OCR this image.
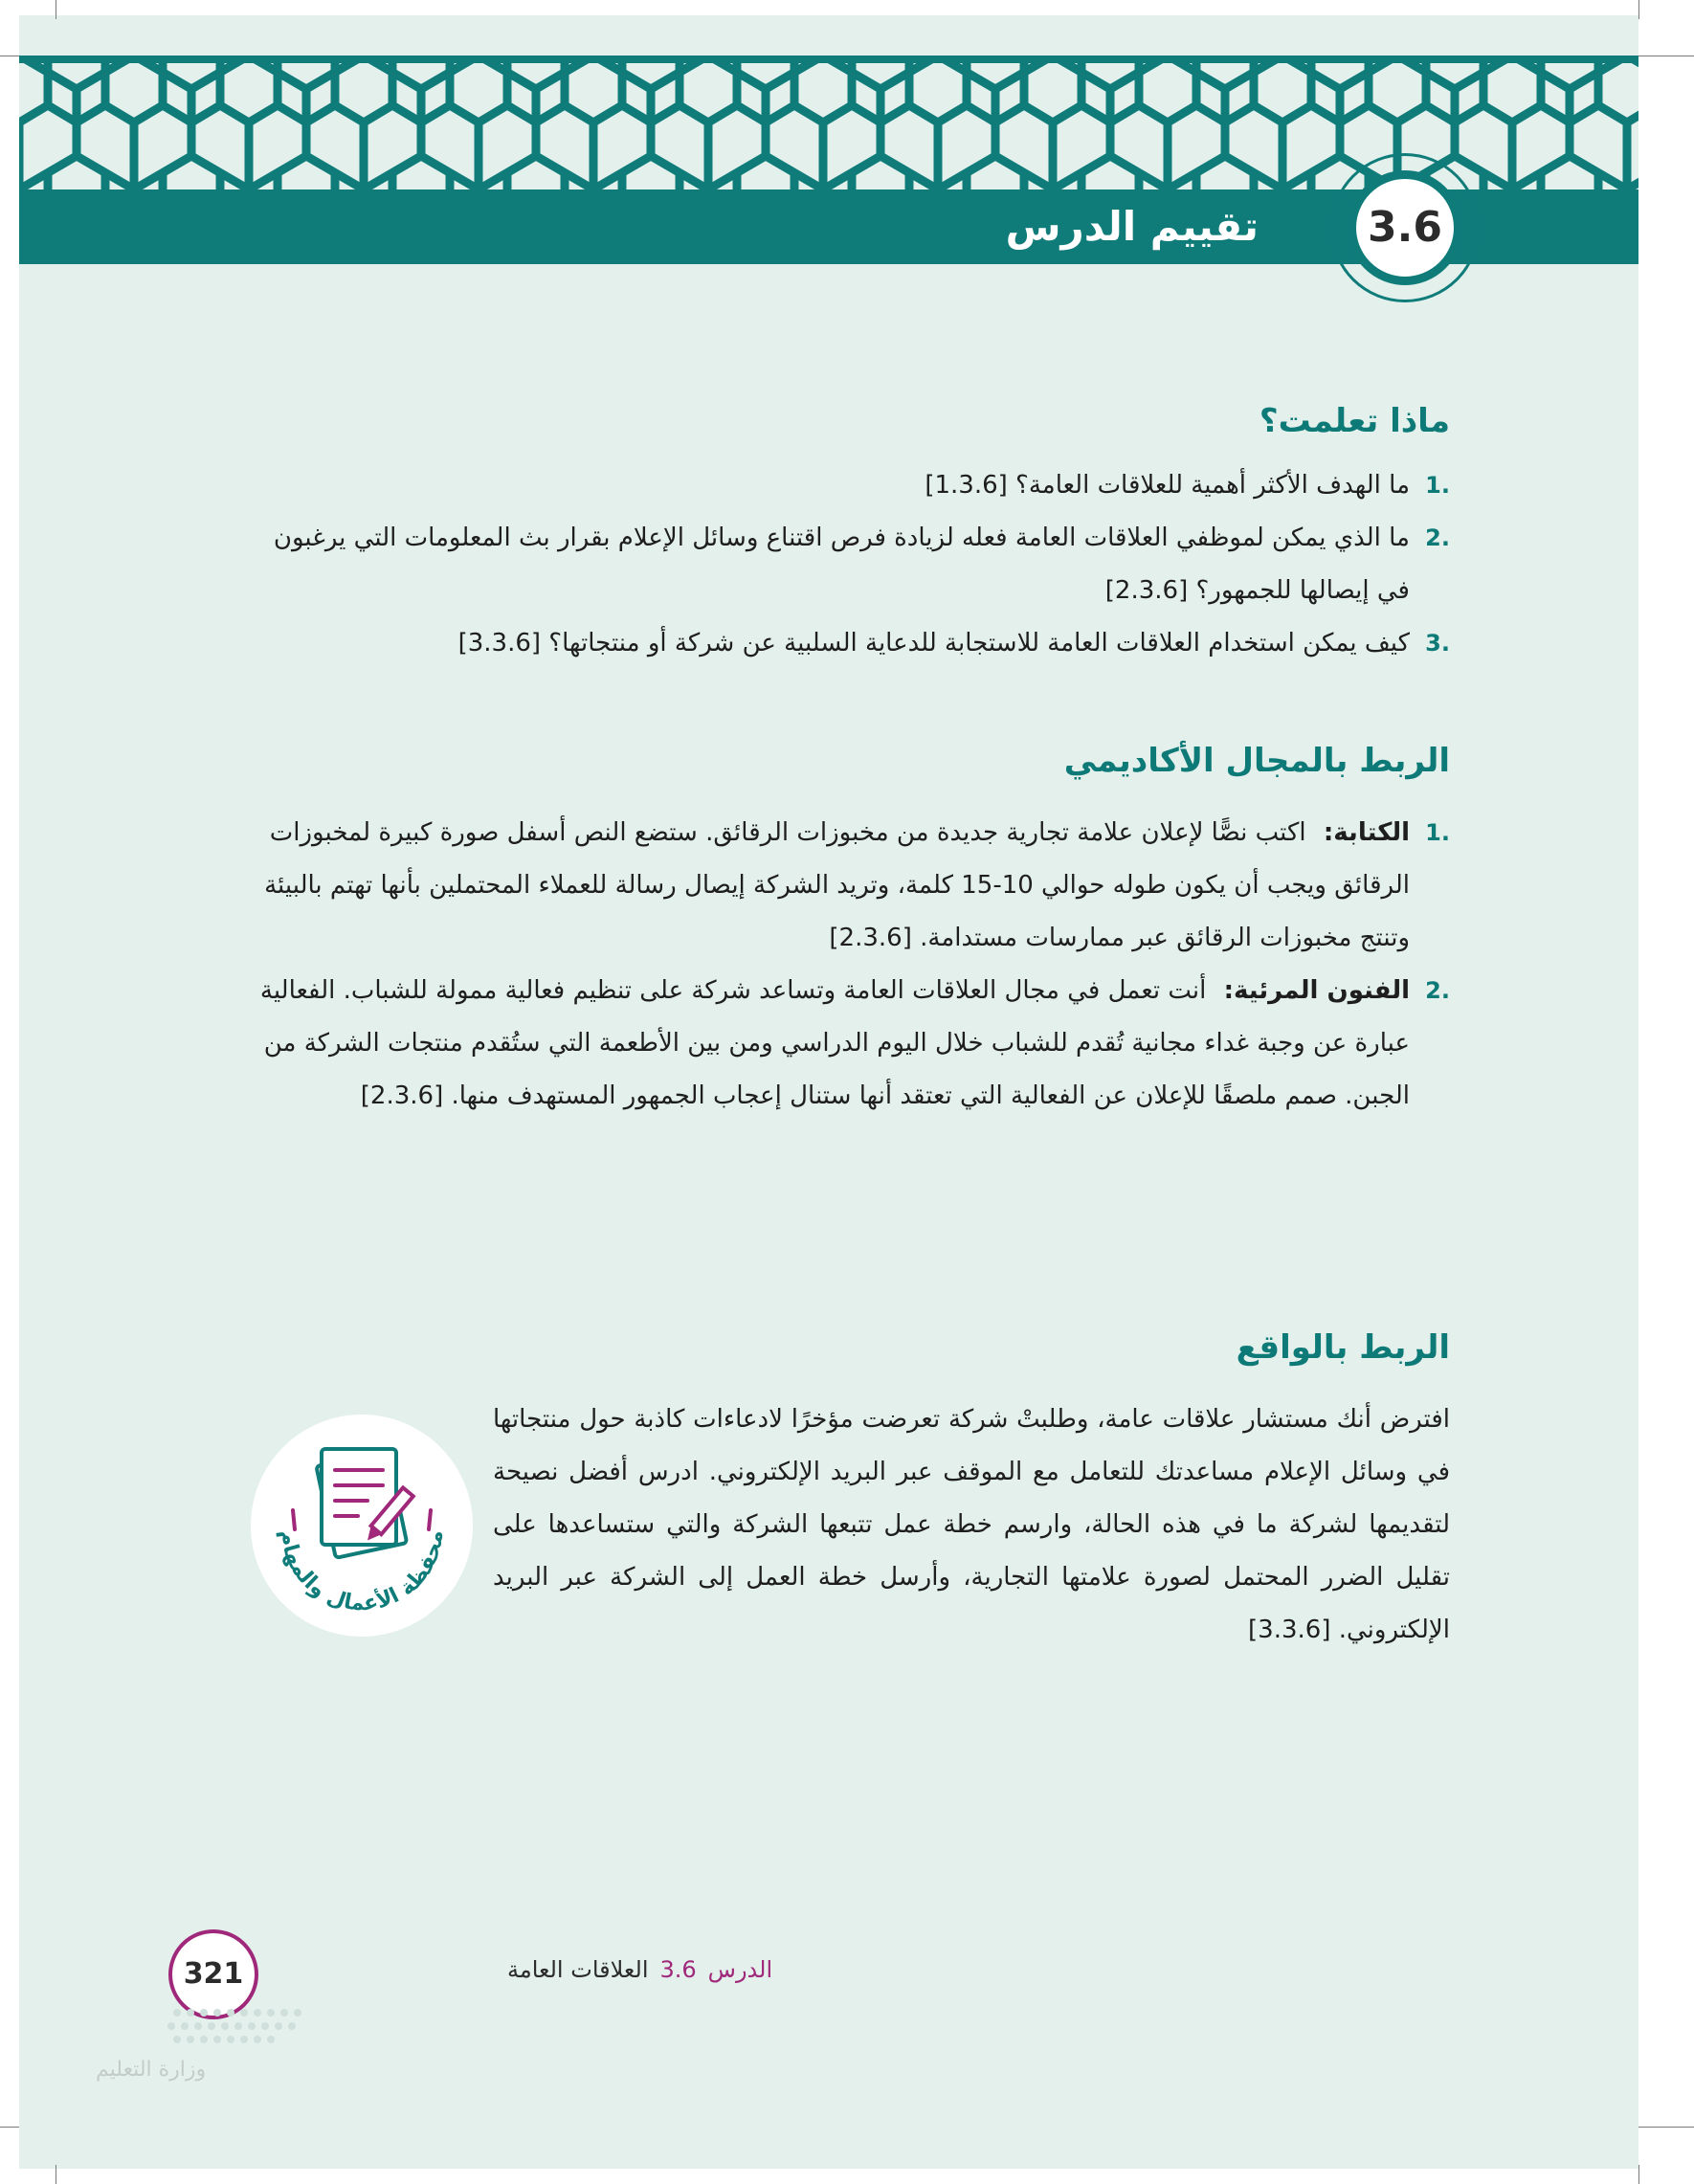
3.6
تقييم الدرس
ماذا تعلمت؟
.1
ما الهدف الأكثر أهمية للعلاقات العامة؟ [1.3.6]
.2
ما الذي يمكن لموظفي العلاقات العامة فعله لزيادة فرص اقتناع وسائل الإعلام بقرار بث المعلومات التي يرغبون في إيصالها للجمهور؟ [2.3.6]
.3
كيف يمكن استخدام العلاقات العامة للاستجابة للدعاية السلبية عن شركة أو منتجاتها؟ [3.3.6]
الربط بالمجال الأكاديمي
.1
الكتابة: اكتب نصًّا لإعلان علامة تجارية جديدة من مخبوزات الرقائق. ستضع النص أسفل صورة كبيرة لمخبوزات الرقائق ويجب أن يكون طوله حوالي 10-15 كلمة، وتريد الشركة إيصال رسالة للعملاء المحتملين بأنها تهتم بالبيئة وتنتج مخبوزات الرقائق عبر ممارسات مستدامة. [2.3.6]
.2
الفنون المرئية: أنت تعمل في مجال العلاقات العامة وتساعد شركة على تنظيم فعالية ممولة للشباب. الفعالية عبارة عن وجبة غداء مجانية تُقدم للشباب خلال اليوم الدراسي ومن بين الأطعمة التي ستُقدم منتجات الشركة من الجبن. صمم ملصقًا للإعلان عن الفعالية التي تعتقد أنها ستنال إعجاب الجمهور المستهدف منها. [2.3.6]
الربط بالواقع

افترض أنك مستشار علاقات عامة، وطلبتْ شركة تعرضت مؤخرًا لادعاءات كاذبة حول منتجاتها في وسائل الإعلام مساعدتك للتعامل مع الموقف عبر البريد الإلكتروني. ادرس أفضل نصيحة لتقديمها لشركة ما في هذه الحالة، وارسم خطة عمل تتبعها الشركة والتي ستساعدها على تقليل الضرر المحتمل لصورة علامتها التجارية، وأرسل خطة العمل إلى الشركة عبر البريد الإلكتروني. [3.3.6]

محفظة الأعمال والمهام
321	الدرس3.6العلاقات العامة
وزارة التعليم
